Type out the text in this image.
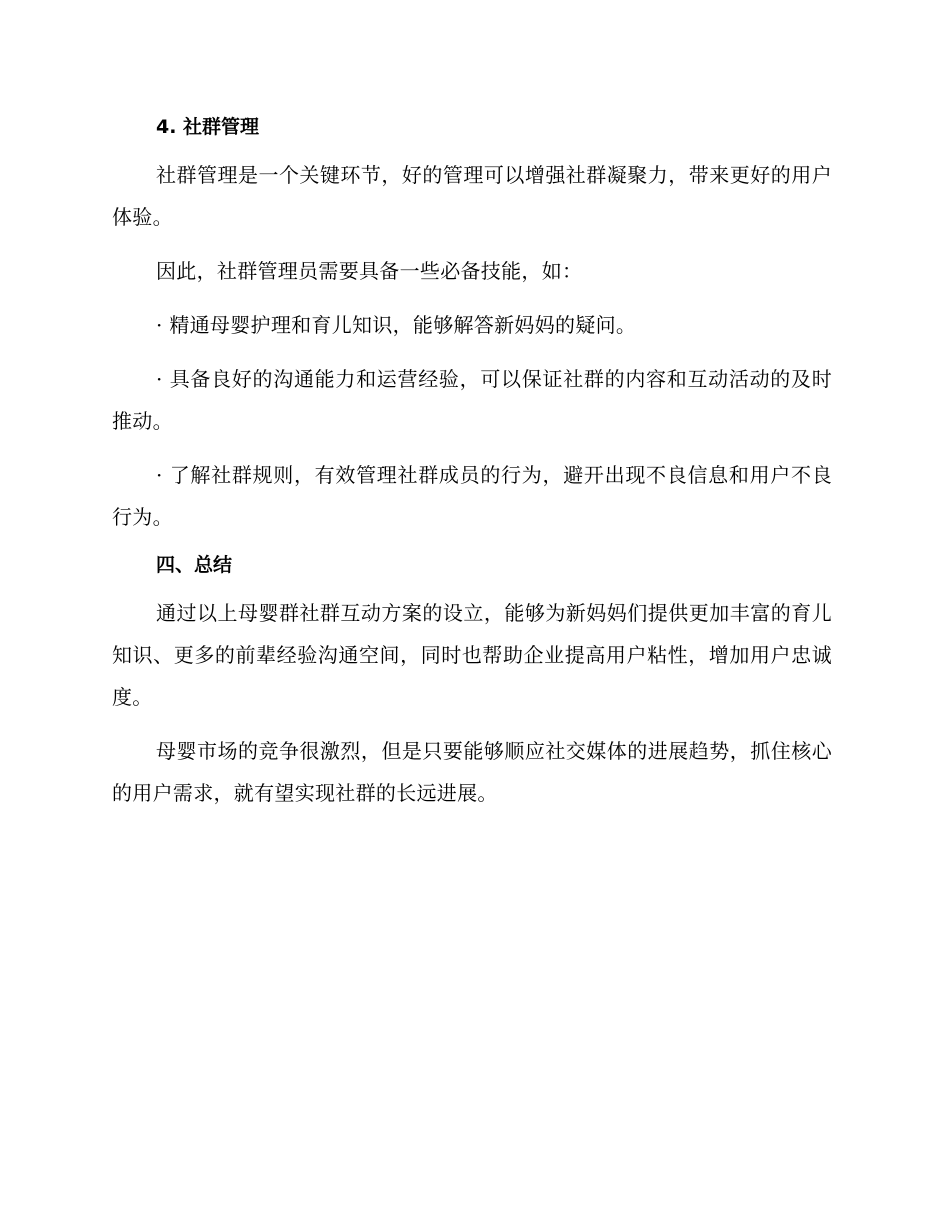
4. 社群管理

社群管理是一个关键环节，好的管理可以增强社群凝聚力，带来更好的用户体验。

因此，社群管理员需要具备一些必备技能，如：

· 精通母婴护理和育儿知识，能够解答新妈妈的疑问。

· 具备良好的沟通能力和运营经验，可以保证社群的内容和互动活动的及时推动。

· 了解社群规则，有效管理社群成员的行为，避开出现不良信息和用户不良行为。

四、总结

通过以上母婴群社群互动方案的设立，能够为新妈妈们提供更加丰富的育儿知识、更多的前辈经验沟通空间，同时也帮助企业提高用户粘性，增加用户忠诚度。

母婴市场的竞争很激烈，但是只要能够顺应社交媒体的进展趋势，抓住核心的用户需求，就有望实现社群的长远进展。
